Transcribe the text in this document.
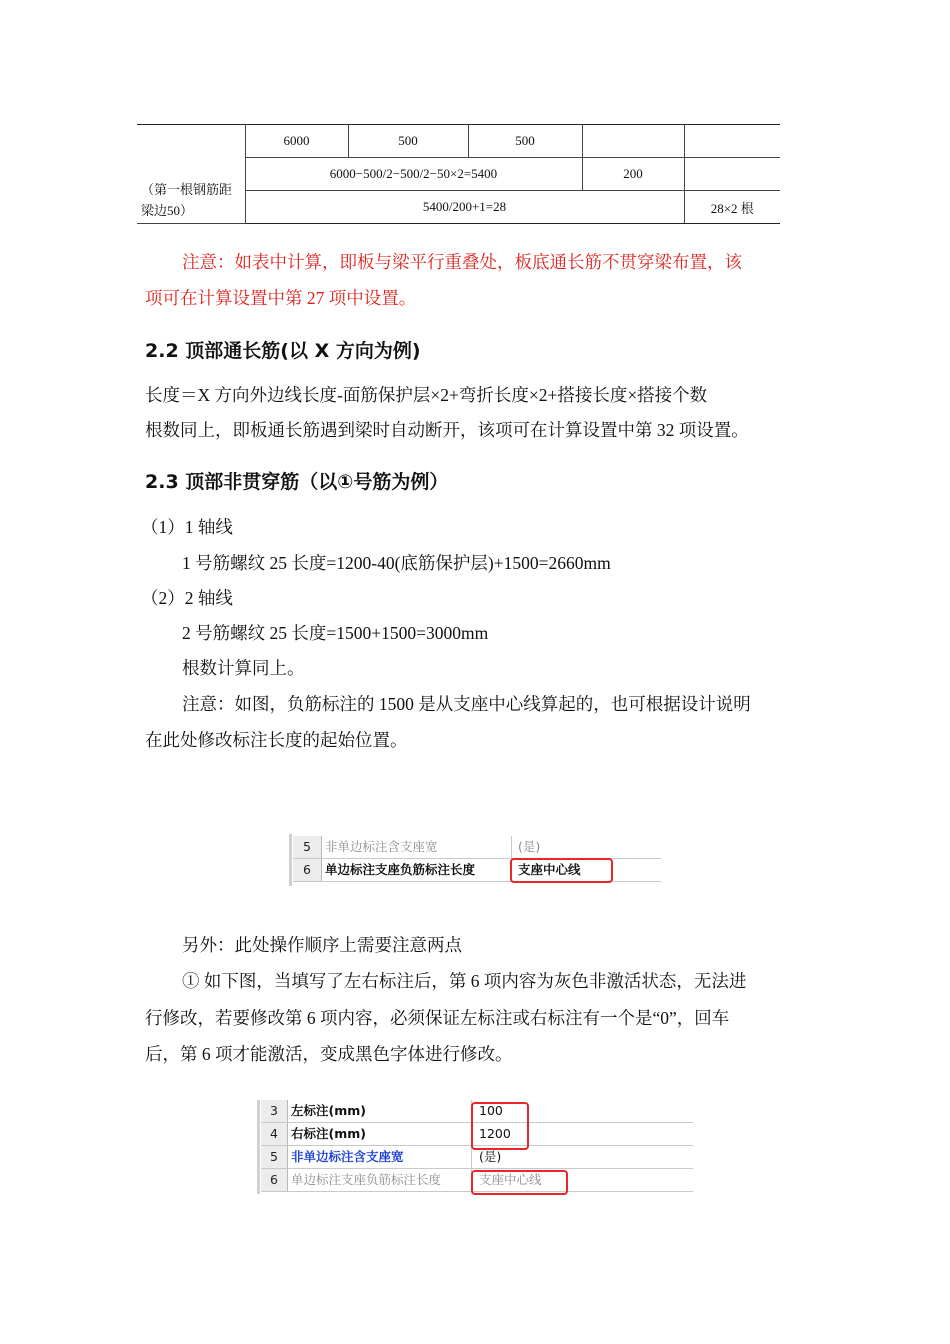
（第一根钢筋距梁边50）	6000	500	500		
	6000−500/2−500/2−50×2=5400			200	
	5400/200+1=28				28×2 根

注意：如表中计算，即板与梁平行重叠处，板底通长筋不贯穿梁布置，该

项可在计算设置中第 27 项中设置。

2.2 顶部通长筋(以 X 方向为例)

长度＝X 方向外边线长度-面筋保护层×2+弯折长度×2+搭接长度×搭接个数

根数同上，即板通长筋遇到梁时自动断开，该项可在计算设置中第 32 项设置。

2.3 顶部非贯穿筋（以①号筋为例）

（1）1 轴线

1 号筋螺纹 25 长度=1200-40(底筋保护层)+1500=2660mm

（2）2 轴线

2 号筋螺纹 25 长度=1500+1500=3000mm

根数计算同上。

注意：如图，负筋标注的 1500 是从支座中心线算起的，也可根据设计说明

在此处修改标注长度的起始位置。

5	非单边标注含支座宽	(是)
6	单边标注支座负筋标注长度	支座中心线

另外：此处操作顺序上需要注意两点

① 如下图，当填写了左右标注后，第 6 项内容为灰色非激活状态，无法进

行修改，若要修改第 6 项内容，必须保证左标注或右标注有一个是“0”，回车

后，第 6 项才能激活，变成黑色字体进行修改。

3	左标注(mm)	100
4	右标注(mm)	1200
5	非单边标注含支座宽	(是)
6	单边标注支座负筋标注长度	支座中心线
